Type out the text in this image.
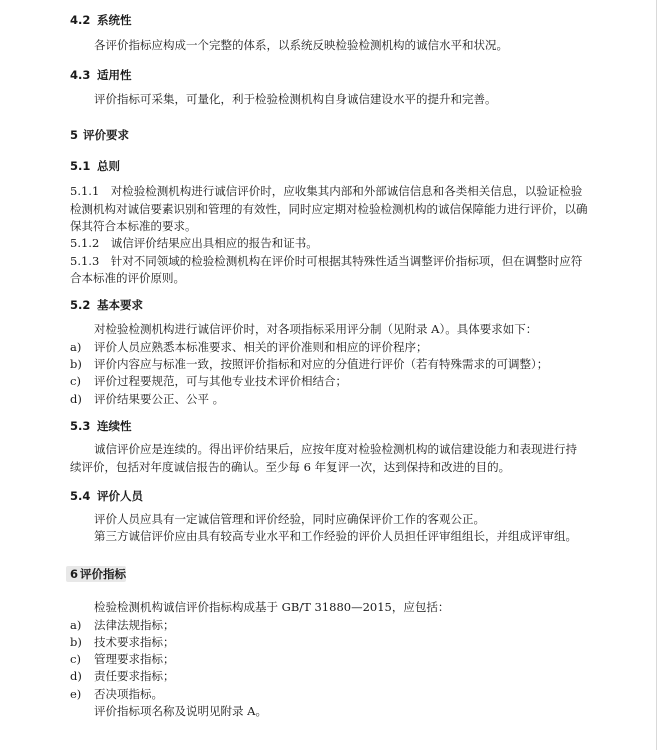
4.2 系统性
各评价指标应构成一个完整的体系，以系统反映检验检测机构的诚信水平和状况。
4.3 适用性
评价指标可采集，可量化，利于检验检测机构自身诚信建设水平的提升和完善。
5 评价要求
5.1 总则
5.1.1　对检验检测机构进行诚信评价时，应收集其内部和外部诚信信息和各类相关信息，以验证检验
检测机构对诚信要素识别和管理的有效性，同时应定期对检验检测机构的诚信保障能力进行评价，以确
保其符合本标准的要求。
5.1.2　诚信评价结果应出具相应的报告和证书。
5.1.3　针对不同领域的检验检测机构在评价时可根据其特殊性适当调整评价指标项，但在调整时应符
合本标准的评价原则。
5.2 基本要求
对检验检测机构进行诚信评价时，对各项指标采用评分制（见附录 A）。具体要求如下：
a) 评价人员应熟悉本标准要求、相关的评价准则和相应的评价程序；
b) 评价内容应与标准一致，按照评价指标和对应的分值进行评价（若有特殊需求的可调整）；
c) 评价过程要规范，可与其他专业技术评价相结合；
d) 评价结果要公正、公平 。
5.3 连续性
诚信评价应是连续的。得出评价结果后，应按年度对检验检测机构的诚信建设能力和表现进行持
续评价，包括对年度诚信报告的确认。至少每 6 年复评一次，达到保持和改进的目的。
5.4 评价人员
评价人员应具有一定诚信管理和评价经验，同时应确保评价工作的客观公正。
第三方诚信评价应由具有较高专业水平和工作经验的评价人员担任评审组组长，并组成评审组。
6 评价指标
检验检测机构诚信评价指标构成基于 GB/T 31880—2015，应包括：
a) 法律法规指标；
b) 技术要求指标；
c) 管理要求指标；
d) 责任要求指标；
e) 否决项指标。
评价指标项名称及说明见附录 A。
